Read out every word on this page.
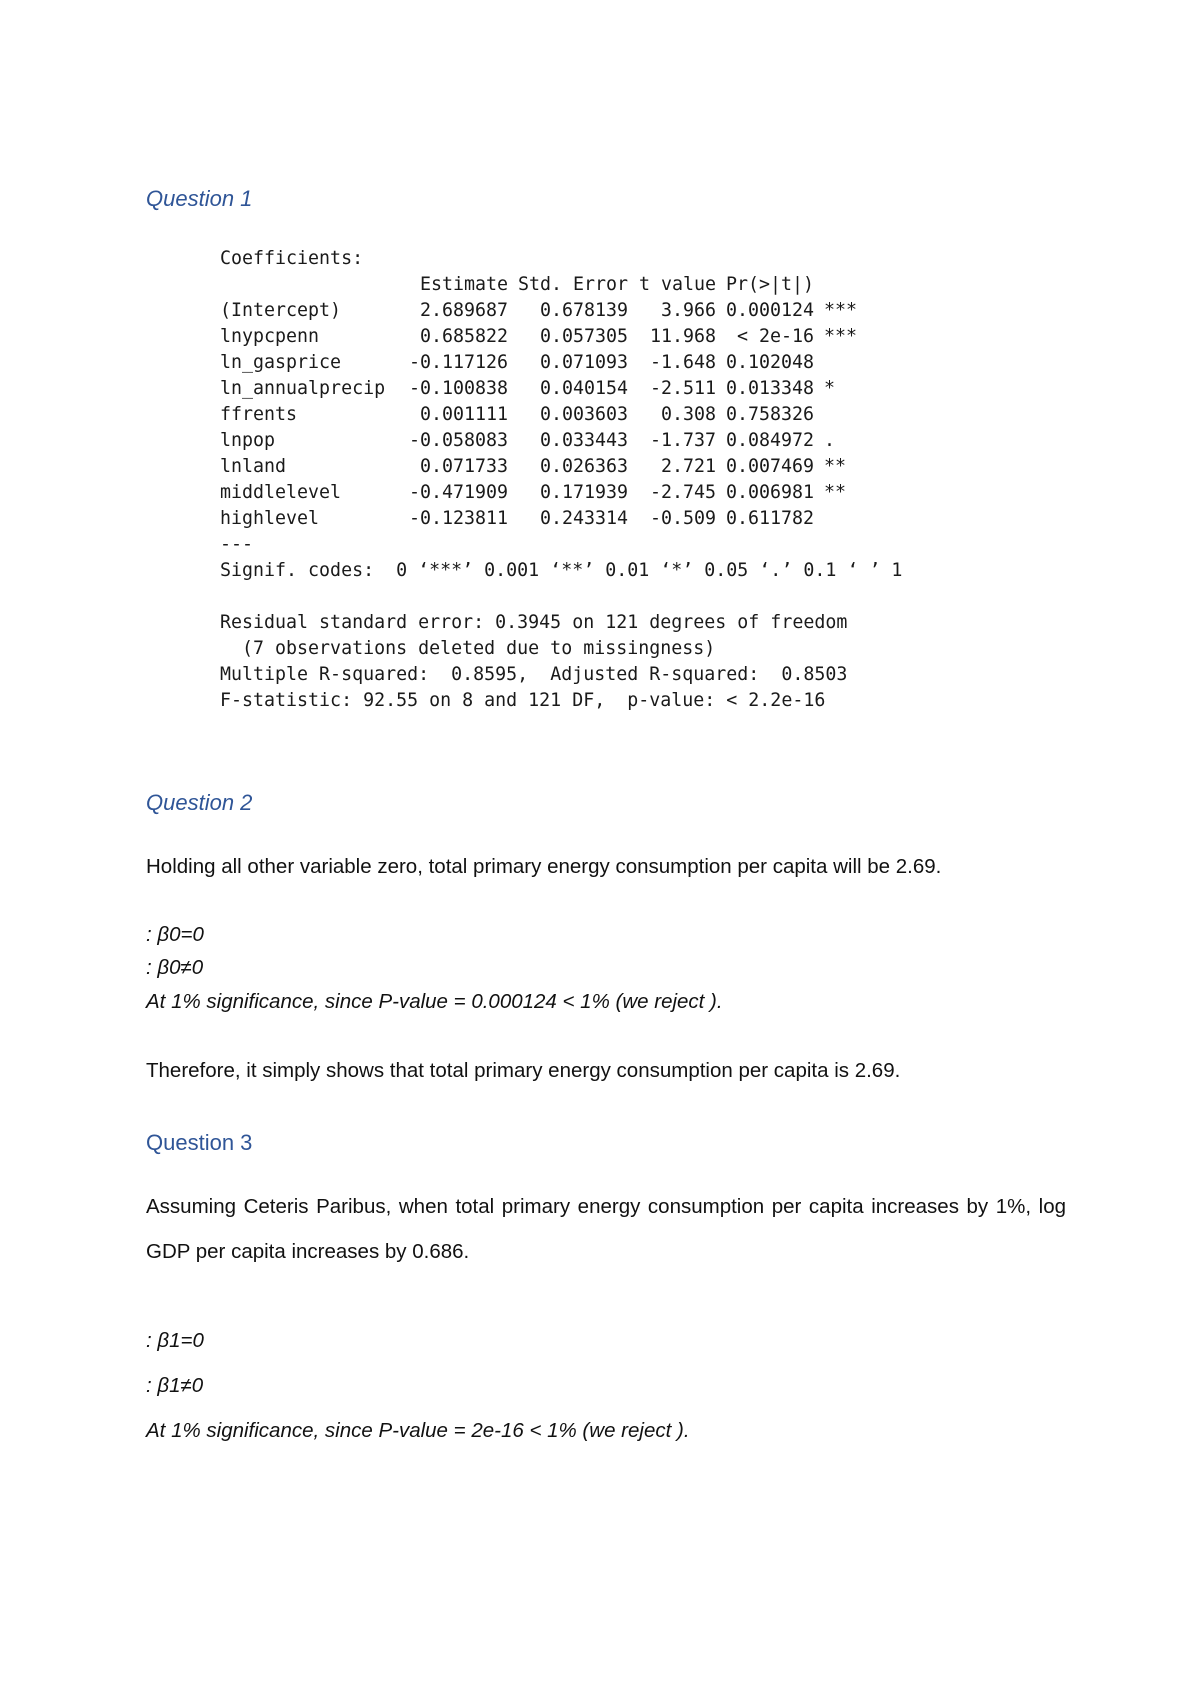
Question 1
Coefficients:
	Estimate	Std. Error	t value	Pr(>|t|)	
(Intercept)	2.689687	0.678139	3.966	0.000124	***
lnypcpenn	0.685822	0.057305	11.968	< 2e-16	***
ln_gasprice	-0.117126	0.071093	-1.648	0.102048	
ln_annualprecip	-0.100838	0.040154	-2.511	0.013348	*
ffrents	0.001111	0.003603	0.308	0.758326	
lnpop	-0.058083	0.033443	-1.737	0.084972	.
lnland	0.071733	0.026363	2.721	0.007469	**
middlelevel	-0.471909	0.171939	-2.745	0.006981	**
highlevel	-0.123811	0.243314	-0.509	0.611782	
---
Signif. codes:  0 ‘***’ 0.001 ‘**’ 0.01 ‘*’ 0.05 ‘.’ 0.1 ‘ ’ 1
Residual standard error: 0.3945 on 121 degrees of freedom
(7 observations deleted due to missingness)
Multiple R-squared:  0.8595,	Adjusted R-squared:  0.8503
F-statistic: 92.55 on 8 and 121 DF,  p-value: < 2.2e-16
Question 2

Holding all other variable zero, total primary energy consumption per capita will be 2.69.

: β0=0

: β0≠0

At 1% significance, since P-value = 0.000124 < 1% (we reject ).

Therefore, it simply shows that total primary energy consumption per capita is 2.69.

Question 3

Assuming Ceteris Paribus, when total primary energy consumption per capita increases by 1%, log GDP per capita increases by 0.686.

: β1=0

: β1≠0

At 1% significance, since P-value = 2e-16 < 1% (we reject ).
